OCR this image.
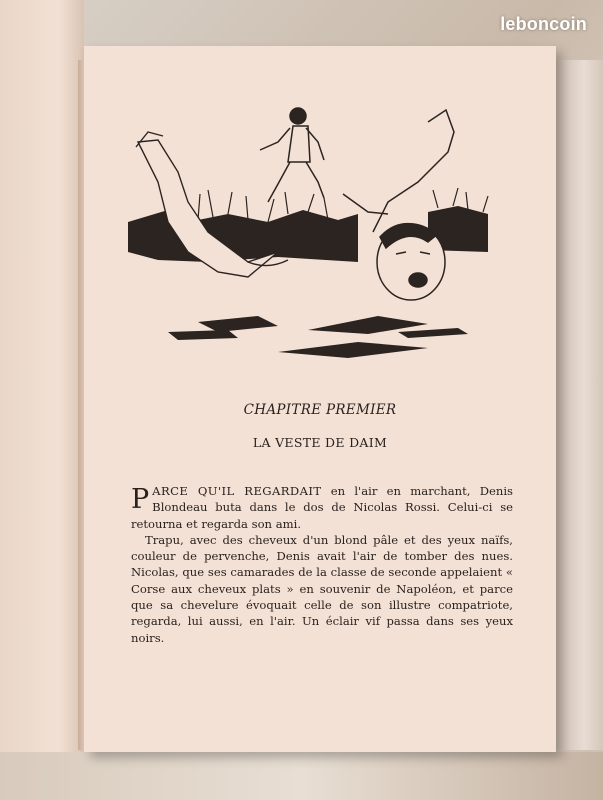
CHAPITRE PREMIER
LA VESTE DE DAIM

PARCE QU'IL REGARDAIT en l'air en marchant, Denis Blondeau buta dans le dos de Nicolas Rossi. Celui-ci se retourna et regarda son ami.

Trapu, avec des cheveux d'un blond pâle et des yeux naïfs, couleur de pervenche, Denis avait l'air de tomber des nues. Nicolas, que ses camarades de la classe de seconde appelaient « Corse aux cheveux plats » en souvenir de Napoléon, et parce que sa chevelure évoquait celle de son illustre compatriote, regarda, lui aussi, en l'air. Un éclair vif passa dans ses yeux noirs.

leboncoin
